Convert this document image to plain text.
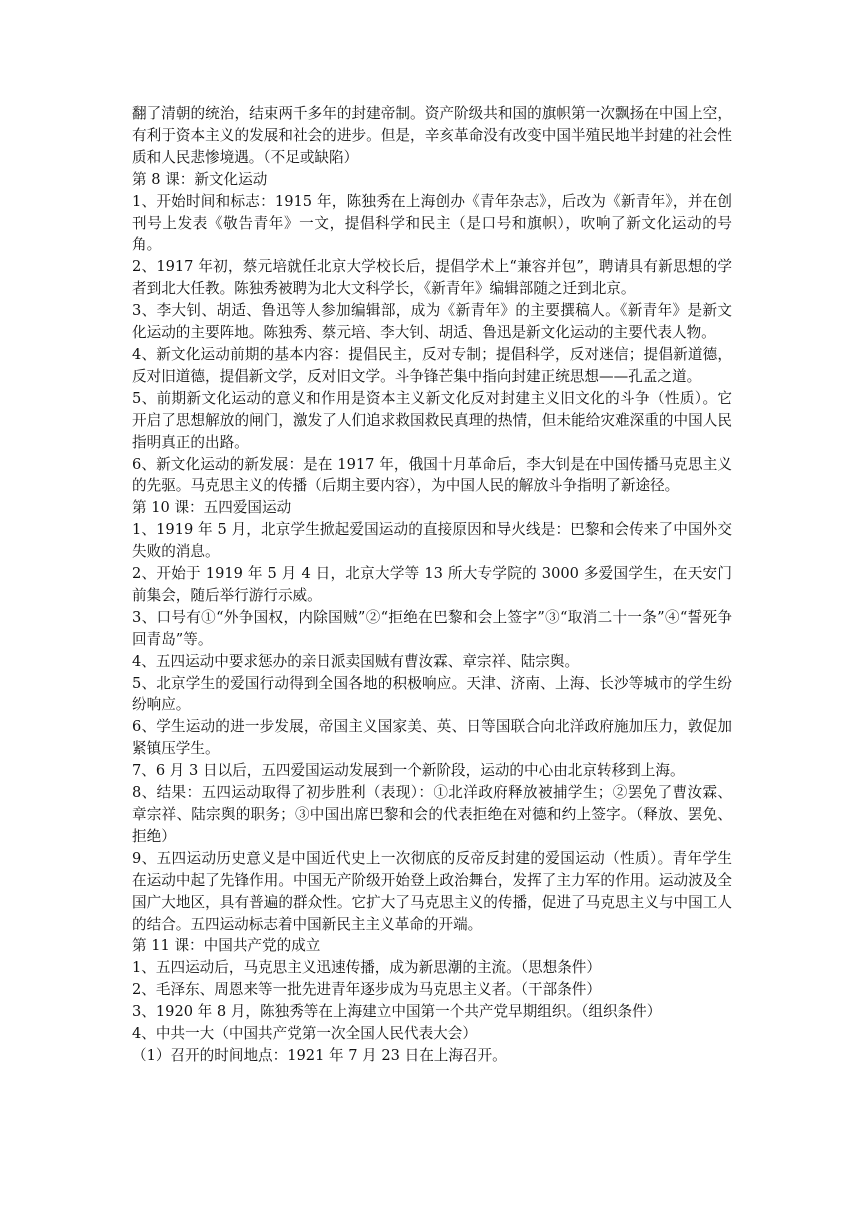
翻了清朝的统治，结束两千多年的封建帝制。资产阶级共和国的旗帜第一次飘扬在中国上空，有利于资本主义的发展和社会的进步。但是，辛亥革命没有改变中国半殖民地半封建的社会性质和人民悲惨境遇。（不足或缺陷）

第 8 课：新文化运动

1、开始时间和标志：1915 年，陈独秀在上海创办《青年杂志》，后改为《新青年》，并在创刊号上发表《敬告青年》一文，提倡科学和民主（是口号和旗帜），吹响了新文化运动的号角。

2、1917 年初，蔡元培就任北京大学校长后，提倡学术上“兼容并包”，聘请具有新思想的学者到北大任教。陈独秀被聘为北大文科学长，《新青年》编辑部随之迁到北京。

3、李大钊、胡适、鲁迅等人参加编辑部，成为《新青年》的主要撰稿人。《新青年》是新文化运动的主要阵地。陈独秀、蔡元培、李大钊、胡适、鲁迅是新文化运动的主要代表人物。

4、新文化运动前期的基本内容：提倡民主，反对专制；提倡科学，反对迷信；提倡新道德，反对旧道德，提倡新文学，反对旧文学。斗争锋芒集中指向封建正统思想——孔孟之道。

5、前期新文化运动的意义和作用是资本主义新文化反对封建主义旧文化的斗争（性质）。它开启了思想解放的闸门，激发了人们追求救国救民真理的热情，但未能给灾难深重的中国人民指明真正的出路。

6、新文化运动的新发展：是在 1917 年，俄国十月革命后，李大钊是在中国传播马克思主义的先驱。马克思主义的传播（后期主要内容），为中国人民的解放斗争指明了新途径。

第 10 课：五四爱国运动

1、1919 年 5 月，北京学生掀起爱国运动的直接原因和导火线是：巴黎和会传来了中国外交失败的消息。

2、开始于 1919 年 5 月 4 日，北京大学等 13 所大专学院的 3000 多爱国学生，在天安门前集会，随后举行游行示威。

3、口号有①“外争国权，内除国贼”②“拒绝在巴黎和会上签字”③“取消二十一条”④“誓死争回青岛”等。

4、五四运动中要求惩办的亲日派卖国贼有曹汝霖、章宗祥、陆宗舆。

5、北京学生的爱国行动得到全国各地的积极响应。天津、济南、上海、长沙等城市的学生纷纷响应。

6、学生运动的进一步发展，帝国主义国家美、英、日等国联合向北洋政府施加压力，敦促加紧镇压学生。

7、6 月 3 日以后，五四爱国运动发展到一个新阶段，运动的中心由北京转移到上海。

8、结果：五四运动取得了初步胜利（表现）：①北洋政府释放被捕学生；②罢免了曹汝霖、章宗祥、陆宗舆的职务；③中国出席巴黎和会的代表拒绝在对德和约上签字。（释放、罢免、拒绝）

9、五四运动历史意义是中国近代史上一次彻底的反帝反封建的爱国运动（性质）。青年学生在运动中起了先锋作用。中国无产阶级开始登上政治舞台，发挥了主力军的作用。运动波及全国广大地区，具有普遍的群众性。它扩大了马克思主义的传播，促进了马克思主义与中国工人的结合。五四运动标志着中国新民主主义革命的开端。

第 11 课：中国共产党的成立

1、五四运动后，马克思主义迅速传播，成为新思潮的主流。（思想条件）

2、毛泽东、周恩来等一批先进青年逐步成为马克思主义者。（干部条件）

3、1920 年 8 月，陈独秀等在上海建立中国第一个共产党早期组织。（组织条件）

4、中共一大（中国共产党第一次全国人民代表大会）

（1）召开的时间地点：1921 年 7 月 23 日在上海召开。
